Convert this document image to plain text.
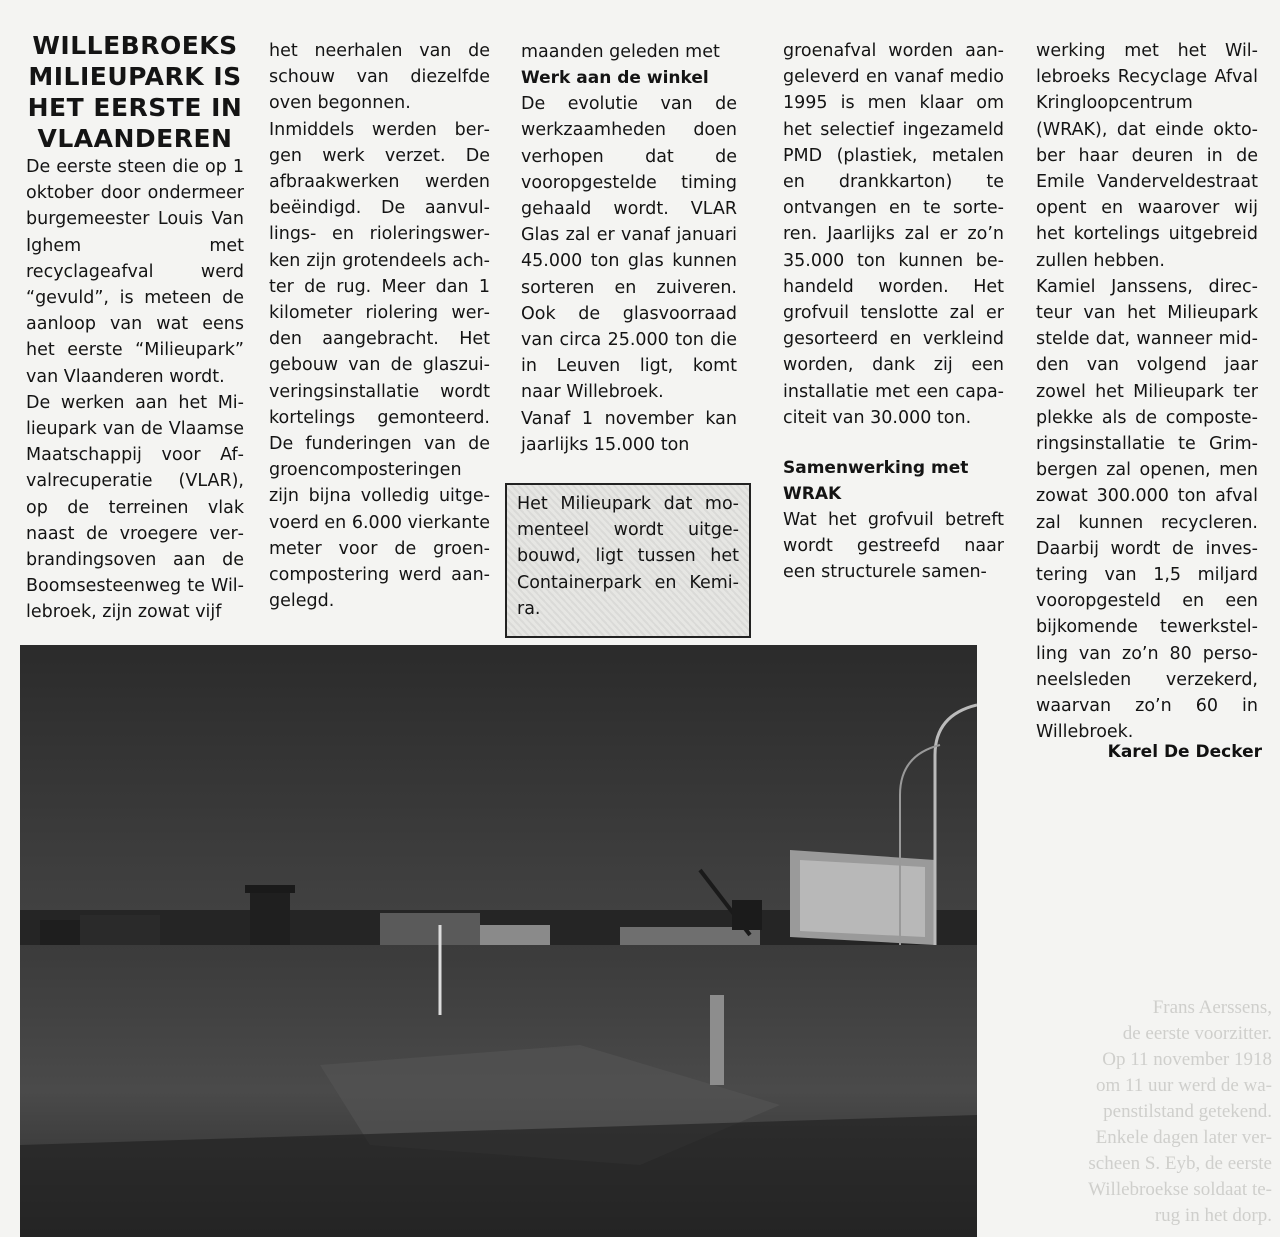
Frans Aerssens,
de eerste voorzitter.
Op 11 november 1918
om 11 uur werd de wa-
penstilstand getekend.
Enkele dagen later ver-
scheen S. Eyb, de eerste
Willebroekse soldaat te-
rug in het dorp.
WILLEBROEKS MILIEUPARK IS HET EERSTE IN VLAANDEREN

De eerste steen die op 1 oktober door ondermeer burgemeester Louis Van Ighem met recyclageafval werd “gevuld”, is meteen de aanloop van wat eens het eerste “Milieupark” van Vlaanderen wordt.

De werken aan het Milieupark van de Vlaamse Maatschappij voor Afvalrecuperatie (VLAR), op de terreinen vlak naast de vroegere verbrandingsoven aan de Boomsesteenweg te Willebroek, zijn zowat vijf

het neerhalen van de schouw van diezelfde oven begonnen.

Inmiddels werden bergen werk verzet. De afbraakwerken werden beëindigd. De aanvullings- en rioleringswerken zijn grotendeels achter de rug. Meer dan 1 kilometer riolering werden aangebracht. Het gebouw van de glaszuiveringsinstallatie wordt kortelings gemonteerd. De funderingen van de groencomposteringen zijn bijna volledig uitgevoerd en 6.000 vierkante meter voor de groencompostering werd aangelegd.

maanden geleden met

Werk aan de winkel

De evolutie van de werkzaamheden doen verhopen dat de vooropgestelde timing gehaald wordt. VLAR Glas zal er vanaf januari 45.000 ton glas kunnen sorteren en zuiveren. Ook de glasvoorraad van circa 25.000 ton die in Leuven ligt, komt naar Willebroek.

Vanaf 1 november kan jaarlijks 15.000 ton

Het Milieupark dat momenteel wordt uitgebouwd, ligt tussen het Containerpark en Kemira.

groenafval worden aangeleverd en vanaf medio 1995 is men klaar om het selectief ingezameld PMD (plastiek, metalen en drankkarton) te ontvangen en te sorteren. Jaarlijks zal er zo’n 35.000 ton kunnen behandeld worden. Het grofvuil tenslotte zal er gesorteerd en verkleind worden, dank zij een installatie met een capaciteit van 30.000 ton.

Samenwerking met WRAK

Wat het grofvuil betreft wordt gestreefd naar een structurele samen-

werking met het Willebroeks Recyclage Afval Kringloopcentrum (WRAK), dat einde oktober haar deuren in de Emile Vanderveldestraat opent en waarover wij het kortelings uitgebreid zullen hebben.

Kamiel Janssens, directeur van het Milieupark stelde dat, wanneer midden van volgend jaar zowel het Milieupark ter plekke als de composteringsinstallatie te Grimbergen zal openen, men zowat 300.000 ton afval zal kunnen recycleren. Daarbij wordt de investering van 1,5 miljard vooropgesteld en een bijkomende tewerkstelling van zo’n 80 personeelsleden verzekerd, waarvan zo’n 60 in Willebroek.

Karel De Decker
